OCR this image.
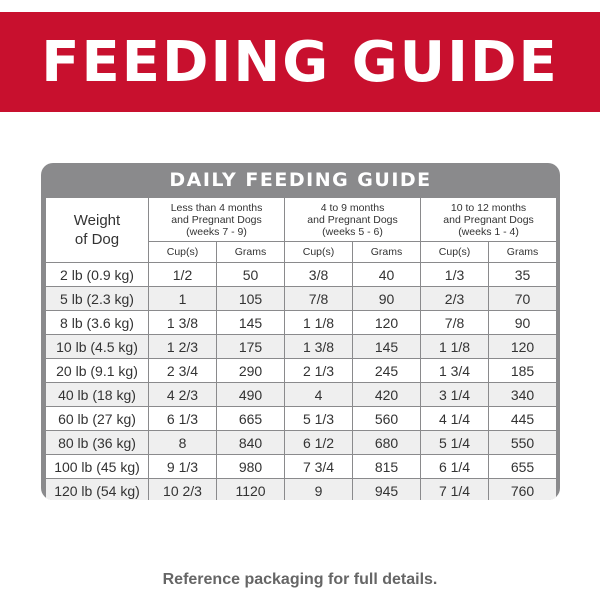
FEEDING GUIDE
DAILY FEEDING GUIDE
Weight
of Dog	Less than 4 months
and Pregnant Dogs
(weeks 7 - 9)		4 to 9 months
and Pregnant Dogs
(weeks 5 - 6)		10 to 12 months
and Pregnant Dogs
(weeks 1 - 4)	
	Cup(s)	Grams	Cup(s)	Grams	Cup(s)	Grams
2 lb (0.9 kg)	1/2	50	3/8	40	1/3	35
5 lb (2.3 kg)	1	105	7/8	90	2/3	70
8 lb (3.6 kg)	1 3/8	145	1 1/8	120	7/8	90
10 lb (4.5 kg)	1 2/3	175	1 3/8	145	1 1/8	120
20 lb (9.1 kg)	2 3/4	290	2 1/3	245	1 3/4	185
40 lb (18 kg)	4 2/3	490	4	420	3 1/4	340
60 lb (27 kg)	6 1/3	665	5 1/3	560	4 1/4	445
80 lb (36 kg)	8	840	6 1/2	680	5 1/4	550
100 lb (45 kg)	9 1/3	980	7 3/4	815	6 1/4	655
120 lb (54 kg)	10 2/3	1120	9	945	7 1/4	760
Reference packaging for full details.
